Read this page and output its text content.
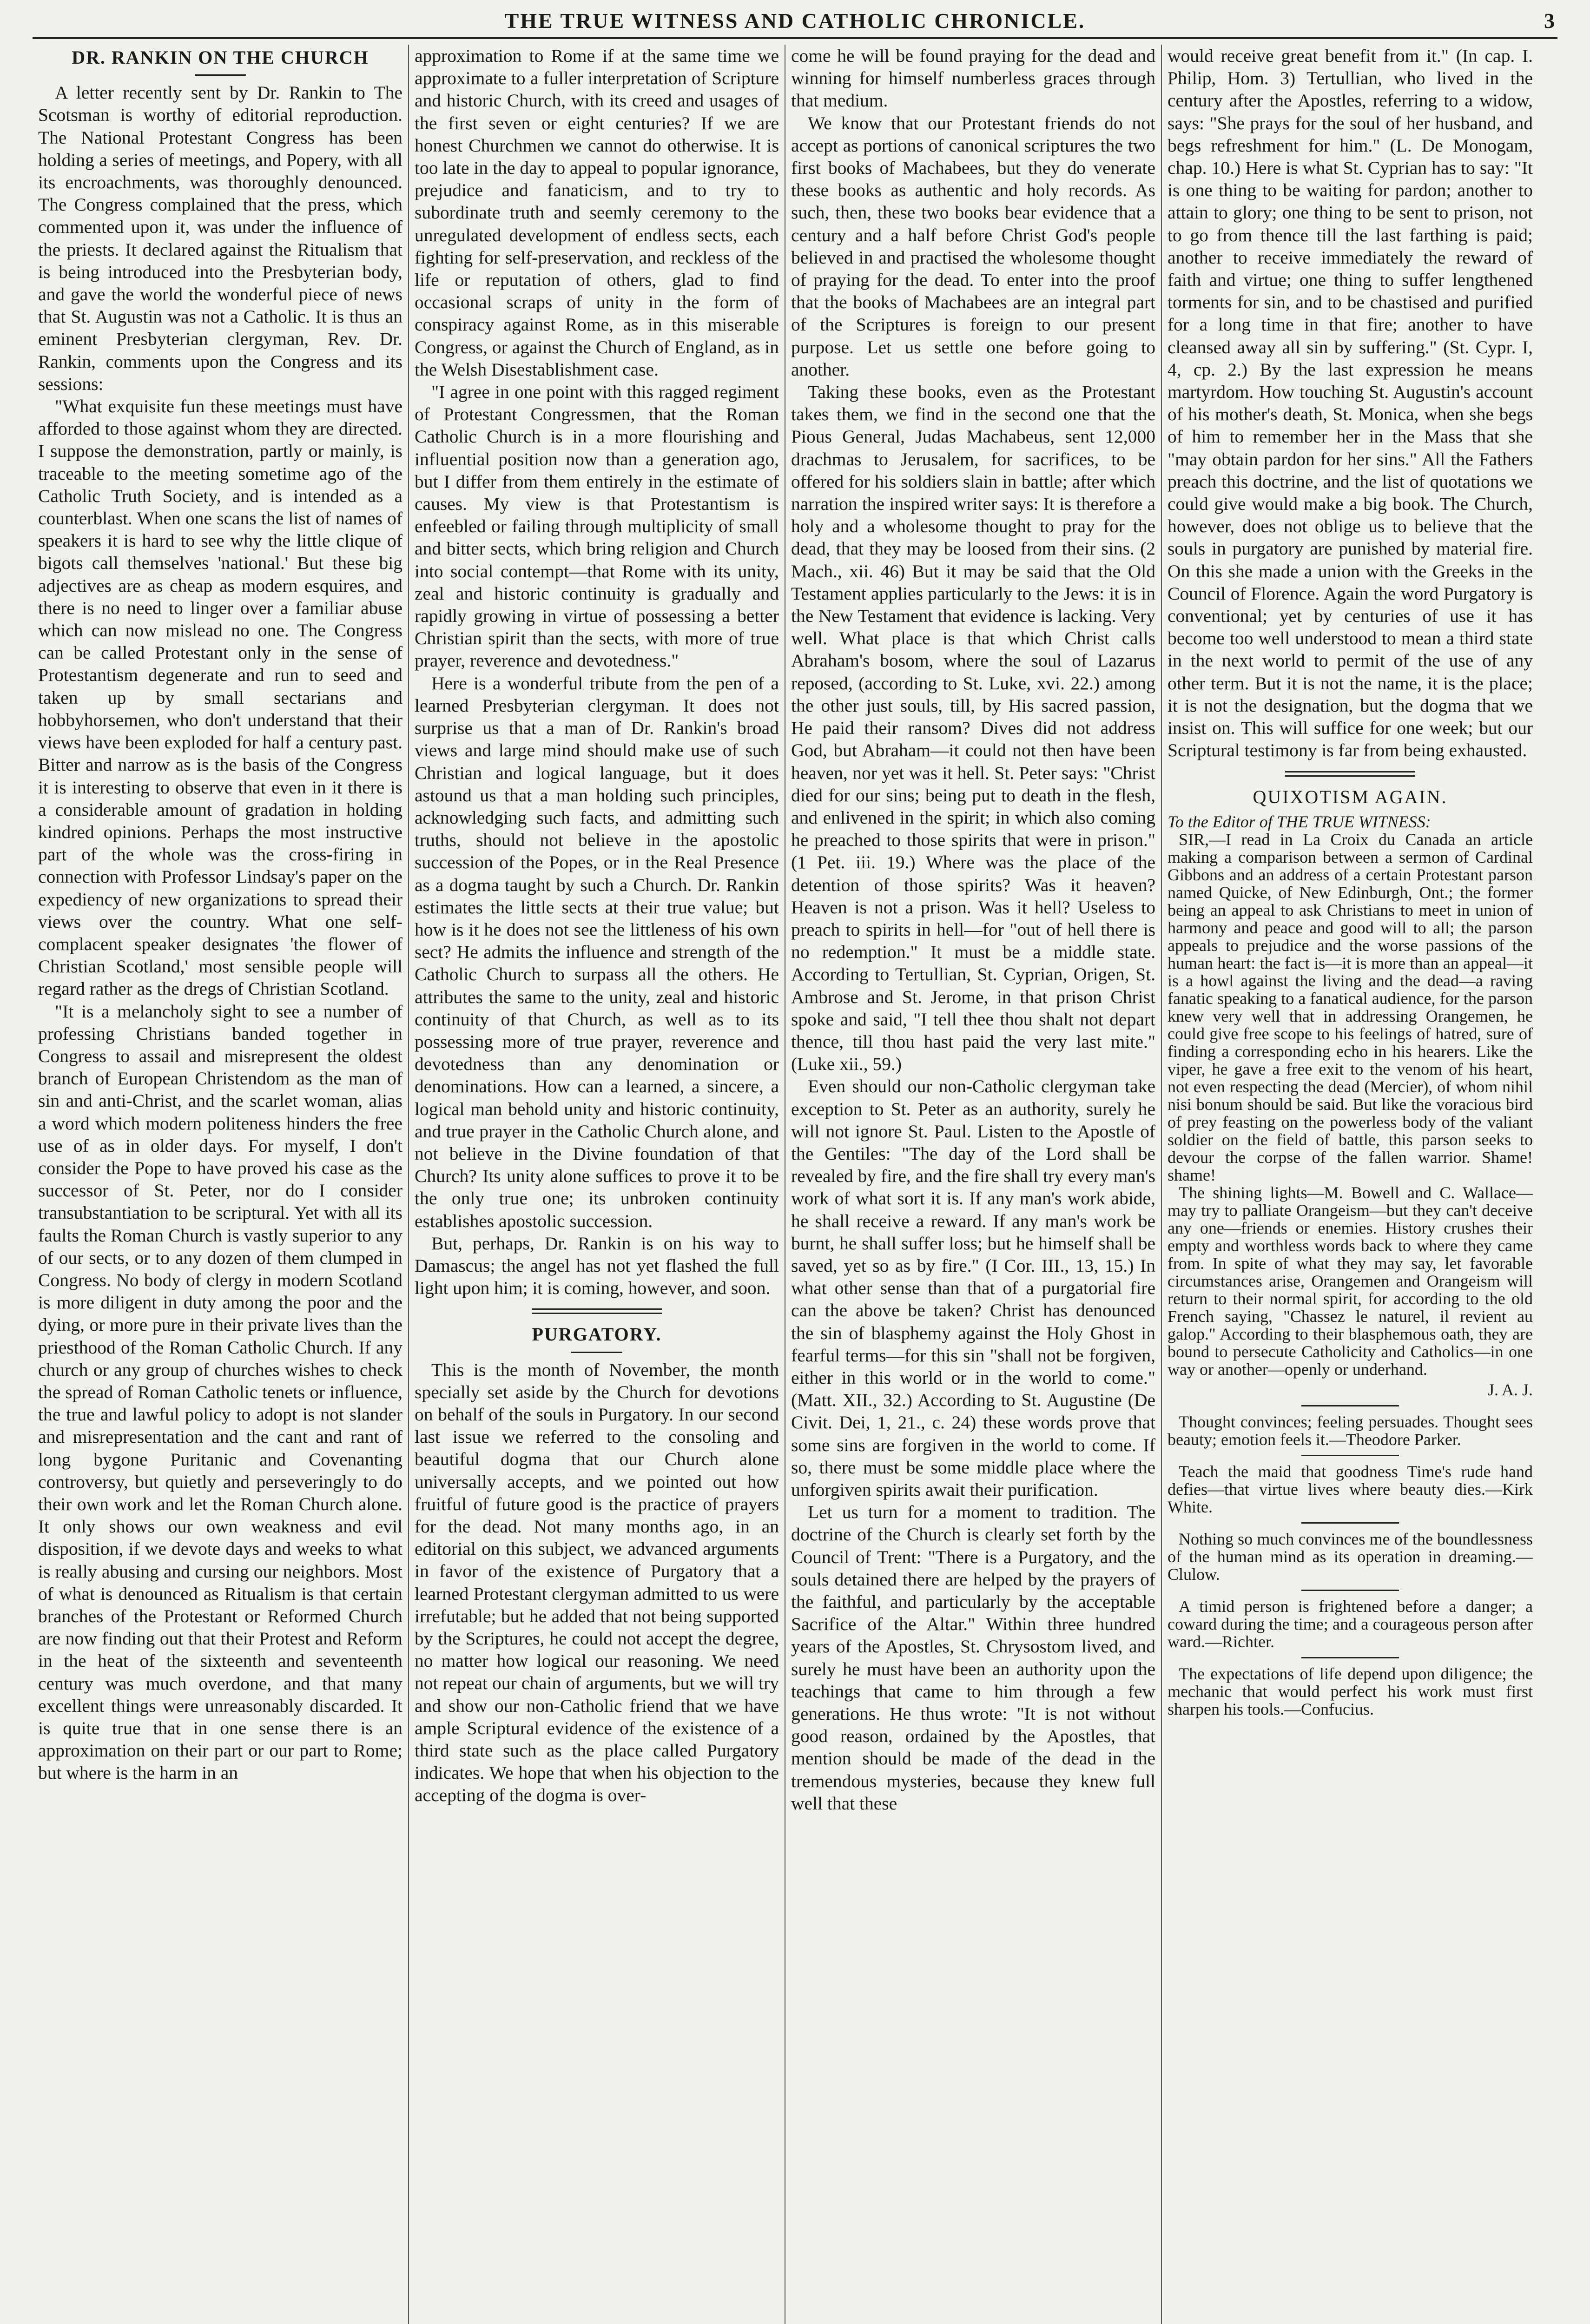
THE TRUE WITNESS AND CATHOLIC CHRONICLE.	3
DR. RANKIN ON THE CHURCH

A letter recently sent by Dr. Rankin to The Scotsman is worthy of editorial reproduction. The National Protestant Congress has been holding a series of meetings, and Popery, with all its encroachments, was thoroughly denounced. The Congress complained that the press, which commented upon it, was under the influence of the priests. It declared against the Ritualism that is being introduced into the Presbyterian body, and gave the world the wonderful piece of news that St. Augustin was not a Catholic. It is thus an eminent Presbyterian clergyman, Rev. Dr. Rankin, comments upon the Congress and its sessions:

"What exquisite fun these meetings must have afforded to those against whom they are directed. I suppose the demonstration, partly or mainly, is traceable to the meeting sometime ago of the Catholic Truth Society, and is intended as a counterblast. When one scans the list of names of speakers it is hard to see why the little clique of bigots call themselves 'national.' But these big adjectives are as cheap as modern esquires, and there is no need to linger over a familiar abuse which can now mislead no one. The Congress can be called Protestant only in the sense of Protestantism degenerate and run to seed and taken up by small sectarians and hobbyhorsemen, who don't understand that their views have been exploded for half a century past. Bitter and narrow as is the basis of the Congress it is interesting to observe that even in it there is a considerable amount of gradation in holding kindred opinions. Perhaps the most instructive part of the whole was the cross-firing in connection with Professor Lindsay's paper on the expediency of new organizations to spread their views over the country. What one self-complacent speaker designates 'the flower of Christian Scotland,' most sensible people will regard rather as the dregs of Christian Scotland.

"It is a melancholy sight to see a number of professing Christians banded together in Congress to assail and misrepresent the oldest branch of European Christendom as the man of sin and anti-Christ, and the scarlet woman, alias a word which modern politeness hinders the free use of as in older days. For myself, I don't consider the Pope to have proved his case as the successor of St. Peter, nor do I consider transubstantiation to be scriptural. Yet with all its faults the Roman Church is vastly superior to any of our sects, or to any dozen of them clumped in Congress. No body of clergy in modern Scotland is more diligent in duty among the poor and the dying, or more pure in their private lives than the priesthood of the Roman Catholic Church. If any church or any group of churches wishes to check the spread of Roman Catholic tenets or influence, the true and lawful policy to adopt is not slander and misrepresentation and the cant and rant of long bygone Puritanic and Covenanting controversy, but quietly and perseveringly to do their own work and let the Roman Church alone. It only shows our own weakness and evil disposition, if we devote days and weeks to what is really abusing and cursing our neighbors. Most of what is denounced as Ritualism is that certain branches of the Protestant or Reformed Church are now finding out that their Protest and Reform in the heat of the sixteenth and seventeenth century was much overdone, and that many excellent things were unreasonably discarded. It is quite true that in one sense there is an approximation on their part or our part to Rome; but where is the harm in an

approximation to Rome if at the same time we approximate to a fuller interpretation of Scripture and historic Church, with its creed and usages of the first seven or eight centuries? If we are honest Churchmen we cannot do otherwise. It is too late in the day to appeal to popular ignorance, prejudice and fanaticism, and to try to subordinate truth and seemly ceremony to the unregulated development of endless sects, each fighting for self-preservation, and reckless of the life or reputation of others, glad to find occasional scraps of unity in the form of conspiracy against Rome, as in this miserable Congress, or against the Church of England, as in the Welsh Disestablishment case.

"I agree in one point with this ragged regiment of Protestant Congressmen, that the Roman Catholic Church is in a more flourishing and influential position now than a generation ago, but I differ from them entirely in the estimate of causes. My view is that Protestantism is enfeebled or failing through multiplicity of small and bitter sects, which bring religion and Church into social contempt—that Rome with its unity, zeal and historic continuity is gradually and rapidly growing in virtue of possessing a better Christian spirit than the sects, with more of true prayer, reverence and devotedness."

Here is a wonderful tribute from the pen of a learned Presbyterian clergyman. It does not surprise us that a man of Dr. Rankin's broad views and large mind should make use of such Christian and logical language, but it does astound us that a man holding such principles, acknowledging such facts, and admitting such truths, should not believe in the apostolic succession of the Popes, or in the Real Presence as a dogma taught by such a Church. Dr. Rankin estimates the little sects at their true value; but how is it he does not see the littleness of his own sect? He admits the influence and strength of the Catholic Church to surpass all the others. He attributes the same to the unity, zeal and historic continuity of that Church, as well as to its possessing more of true prayer, reverence and devotedness than any denomination or denominations. How can a learned, a sincere, a logical man behold unity and historic continuity, and true prayer in the Catholic Church alone, and not believe in the Divine foundation of that Church? Its unity alone suffices to prove it to be the only true one; its unbroken continuity establishes apostolic succession.

But, perhaps, Dr. Rankin is on his way to Damascus; the angel has not yet flashed the full light upon him; it is coming, however, and soon.

PURGATORY.

This is the month of November, the month specially set aside by the Church for devotions on behalf of the souls in Purgatory. In our second last issue we referred to the consoling and beautiful dogma that our Church alone universally accepts, and we pointed out how fruitful of future good is the practice of prayers for the dead. Not many months ago, in an editorial on this subject, we advanced arguments in favor of the existence of Purgatory that a learned Protestant clergyman admitted to us were irrefutable; but he added that not being supported by the Scriptures, he could not accept the degree, no matter how logical our reasoning. We need not repeat our chain of arguments, but we will try and show our non-Catholic friend that we have ample Scriptural evidence of the existence of a third state such as the place called Purgatory indicates. We hope that when his objection to the accepting of the dogma is over-

come he will be found praying for the dead and winning for himself numberless graces through that medium.

We know that our Protestant friends do not accept as portions of canonical scriptures the two first books of Machabees, but they do venerate these books as authentic and holy records. As such, then, these two books bear evidence that a century and a half before Christ God's people believed in and practised the wholesome thought of praying for the dead. To enter into the proof that the books of Machabees are an integral part of the Scriptures is foreign to our present purpose. Let us settle one before going to another.

Taking these books, even as the Protestant takes them, we find in the second one that the Pious General, Judas Machabeus, sent 12,000 drachmas to Jerusalem, for sacrifices, to be offered for his soldiers slain in battle; after which narration the inspired writer says: It is therefore a holy and a wholesome thought to pray for the dead, that they may be loosed from their sins. (2 Mach., xii. 46) But it may be said that the Old Testament applies particularly to the Jews: it is in the New Testament that evidence is lacking. Very well. What place is that which Christ calls Abraham's bosom, where the soul of Lazarus reposed, (according to St. Luke, xvi. 22.) among the other just souls, till, by His sacred passion, He paid their ransom? Dives did not address God, but Abraham—it could not then have been heaven, nor yet was it hell. St. Peter says: "Christ died for our sins; being put to death in the flesh, and enlivened in the spirit; in which also coming he preached to those spirits that were in prison." (1 Pet. iii. 19.) Where was the place of the detention of those spirits? Was it heaven? Heaven is not a prison. Was it hell? Useless to preach to spirits in hell—for "out of hell there is no redemption." It must be a middle state. According to Tertullian, St. Cyprian, Origen, St. Ambrose and St. Jerome, in that prison Christ spoke and said, "I tell thee thou shalt not depart thence, till thou hast paid the very last mite." (Luke xii., 59.)

Even should our non-Catholic clergyman take exception to St. Peter as an authority, surely he will not ignore St. Paul. Listen to the Apostle of the Gentiles: "The day of the Lord shall be revealed by fire, and the fire shall try every man's work of what sort it is. If any man's work abide, he shall receive a reward. If any man's work be burnt, he shall suffer loss; but he himself shall be saved, yet so as by fire." (I Cor. III., 13, 15.) In what other sense than that of a purgatorial fire can the above be taken? Christ has denounced the sin of blasphemy against the Holy Ghost in fearful terms—for this sin "shall not be forgiven, either in this world or in the world to come." (Matt. XII., 32.) According to St. Augustine (De Civit. Dei, 1, 21., c. 24) these words prove that some sins are forgiven in the world to come. If so, there must be some middle place where the unforgiven spirits await their purification.

Let us turn for a moment to tradition. The doctrine of the Church is clearly set forth by the Council of Trent: "There is a Purgatory, and the souls detained there are helped by the prayers of the faithful, and particularly by the acceptable Sacrifice of the Altar." Within three hundred years of the Apostles, St. Chrysostom lived, and surely he must have been an authority upon the teachings that came to him through a few generations. He thus wrote: "It is not without good reason, ordained by the Apostles, that mention should be made of the dead in the tremendous mysteries, because they knew full well that these

would receive great benefit from it." (In cap. I. Philip, Hom. 3) Tertullian, who lived in the century after the Apostles, referring to a widow, says: "She prays for the soul of her husband, and begs refreshment for him." (L. De Monogam, chap. 10.) Here is what St. Cyprian has to say: "It is one thing to be waiting for pardon; another to attain to glory; one thing to be sent to prison, not to go from thence till the last farthing is paid; another to receive immediately the reward of faith and virtue; one thing to suffer lengthened torments for sin, and to be chastised and purified for a long time in that fire; another to have cleansed away all sin by suffering." (St. Cypr. I, 4, cp. 2.) By the last expression he means martyrdom. How touching St. Augustin's account of his mother's death, St. Monica, when she begs of him to remember her in the Mass that she "may obtain pardon for her sins." All the Fathers preach this doctrine, and the list of quotations we could give would make a big book. The Church, however, does not oblige us to believe that the souls in purgatory are punished by material fire. On this she made a union with the Greeks in the Council of Florence. Again the word Purgatory is conventional; yet by centuries of use it has become too well understood to mean a third state in the next world to permit of the use of any other term. But it is not the name, it is the place; it is not the designation, but the dogma that we insist on. This will suffice for one week; but our Scriptural testimony is far from being exhausted.

QUIXOTISM AGAIN.

To the Editor of THE TRUE WITNESS:

SIR,—I read in La Croix du Canada an article making a comparison between a sermon of Cardinal Gibbons and an address of a certain Protestant parson named Quicke, of New Edinburgh, Ont.; the former being an appeal to ask Christians to meet in union of harmony and peace and good will to all; the parson appeals to prejudice and the worse passions of the human heart: the fact is—it is more than an appeal—it is a howl against the living and the dead—a raving fanatic speaking to a fanatical audience, for the parson knew very well that in addressing Orangemen, he could give free scope to his feelings of hatred, sure of finding a corresponding echo in his hearers. Like the viper, he gave a free exit to the venom of his heart, not even respecting the dead (Mercier), of whom nihil nisi bonum should be said. But like the voracious bird of prey feasting on the powerless body of the valiant soldier on the field of battle, this parson seeks to devour the corpse of the fallen warrior. Shame! shame!

The shining lights—M. Bowell and C. Wallace—may try to palliate Orangeism—but they can't deceive any one—friends or enemies. History crushes their empty and worthless words back to where they came from. In spite of what they may say, let favorable circumstances arise, Orangemen and Orangeism will return to their normal spirit, for according to the old French saying, "Chassez le naturel, il revient au galop." According to their blasphemous oath, they are bound to persecute Catholicity and Catholics—in one way or another—openly or underhand.

J. A. J.

Thought convinces; feeling persuades. Thought sees beauty; emotion feels it.—Theodore Parker.

Teach the maid that goodness Time's rude hand defies—that virtue lives where beauty dies.—Kirk White.

Nothing so much convinces me of the boundlessness of the human mind as its operation in dreaming.—Clulow.

A timid person is frightened before a danger; a coward during the time; and a courageous person after ward.—Richter.

The expectations of life depend upon diligence; the mechanic that would perfect his work must first sharpen his tools.—Confucius.
